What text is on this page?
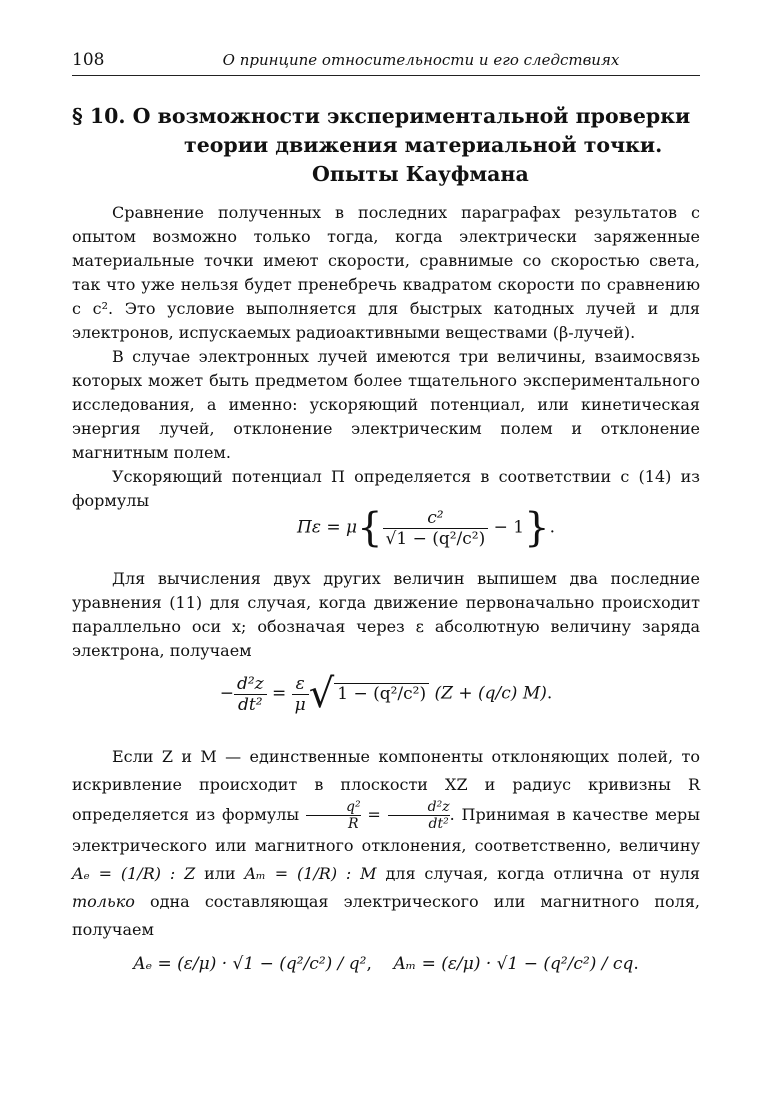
108	О принципе относительности и его следствиях
§ 10. О возможности экспериментальной проверки
теории движения материальной точки.
Опыты Кауфмана

Сравнение полученных в последних параграфах результатов с опытом возможно только тогда, когда электрически заряженные материальные точки имеют скорости, сравнимые со скоростью света, так что уже нельзя будет пренебречь квадратом скорости по сравнению с c². Это условие выполняется для быстрых катодных лучей и для электронов, испускаемых радиоактивными веществами (β-лучей).

В случае электронных лучей имеются три величины, взаимосвязь которых может быть предметом более тщательного экспериментального исследования, а именно: ускоряющий потенциал, или кинетическая энергия лучей, отклонение электрическим полем и отклонение магнитным полем.

Ускоряющий потенциал Π определяется в соответствии с (14) из формулы

$\Pi\varepsilon = \mu\{ \frac{\text{c²}}{\text{√1 − (q²/c²)}} - 1\}$.

Для вычисления двух других величин выпишем два последние уравнения (11) для случая, когда движение первоначально происходит параллельно оси x; обозначая через ε абсолютную величину заряда электрона, получаем

− $\frac{\text{d²z}}{\text{dt²}} = \frac{\varepsilon}{\mu}$ √ 1 − (q²/c²) (Z + (q/c) M).

Если Z и M — единственные компоненты отклоняющих полей, то искривление происходит в плоскости XZ и радиус кривизны R определяется из формулы $\frac{\text{q²}}{R} = \frac{\text{d²z}}{\text{dt²}}$ . Принимая в качестве меры электрического или магнитного отклонения, соответственно, величину Aₑ = (1/R) : Z или Aₘ = (1/R) : M для случая, когда отлична от нуля только одна составляющая электрического или магнитного поля, получаем

Aₑ = (ε/μ) · √1 − (q²/c²) / q²,    Aₘ = (ε/μ) · √1 − (q²/c²) / cq.
